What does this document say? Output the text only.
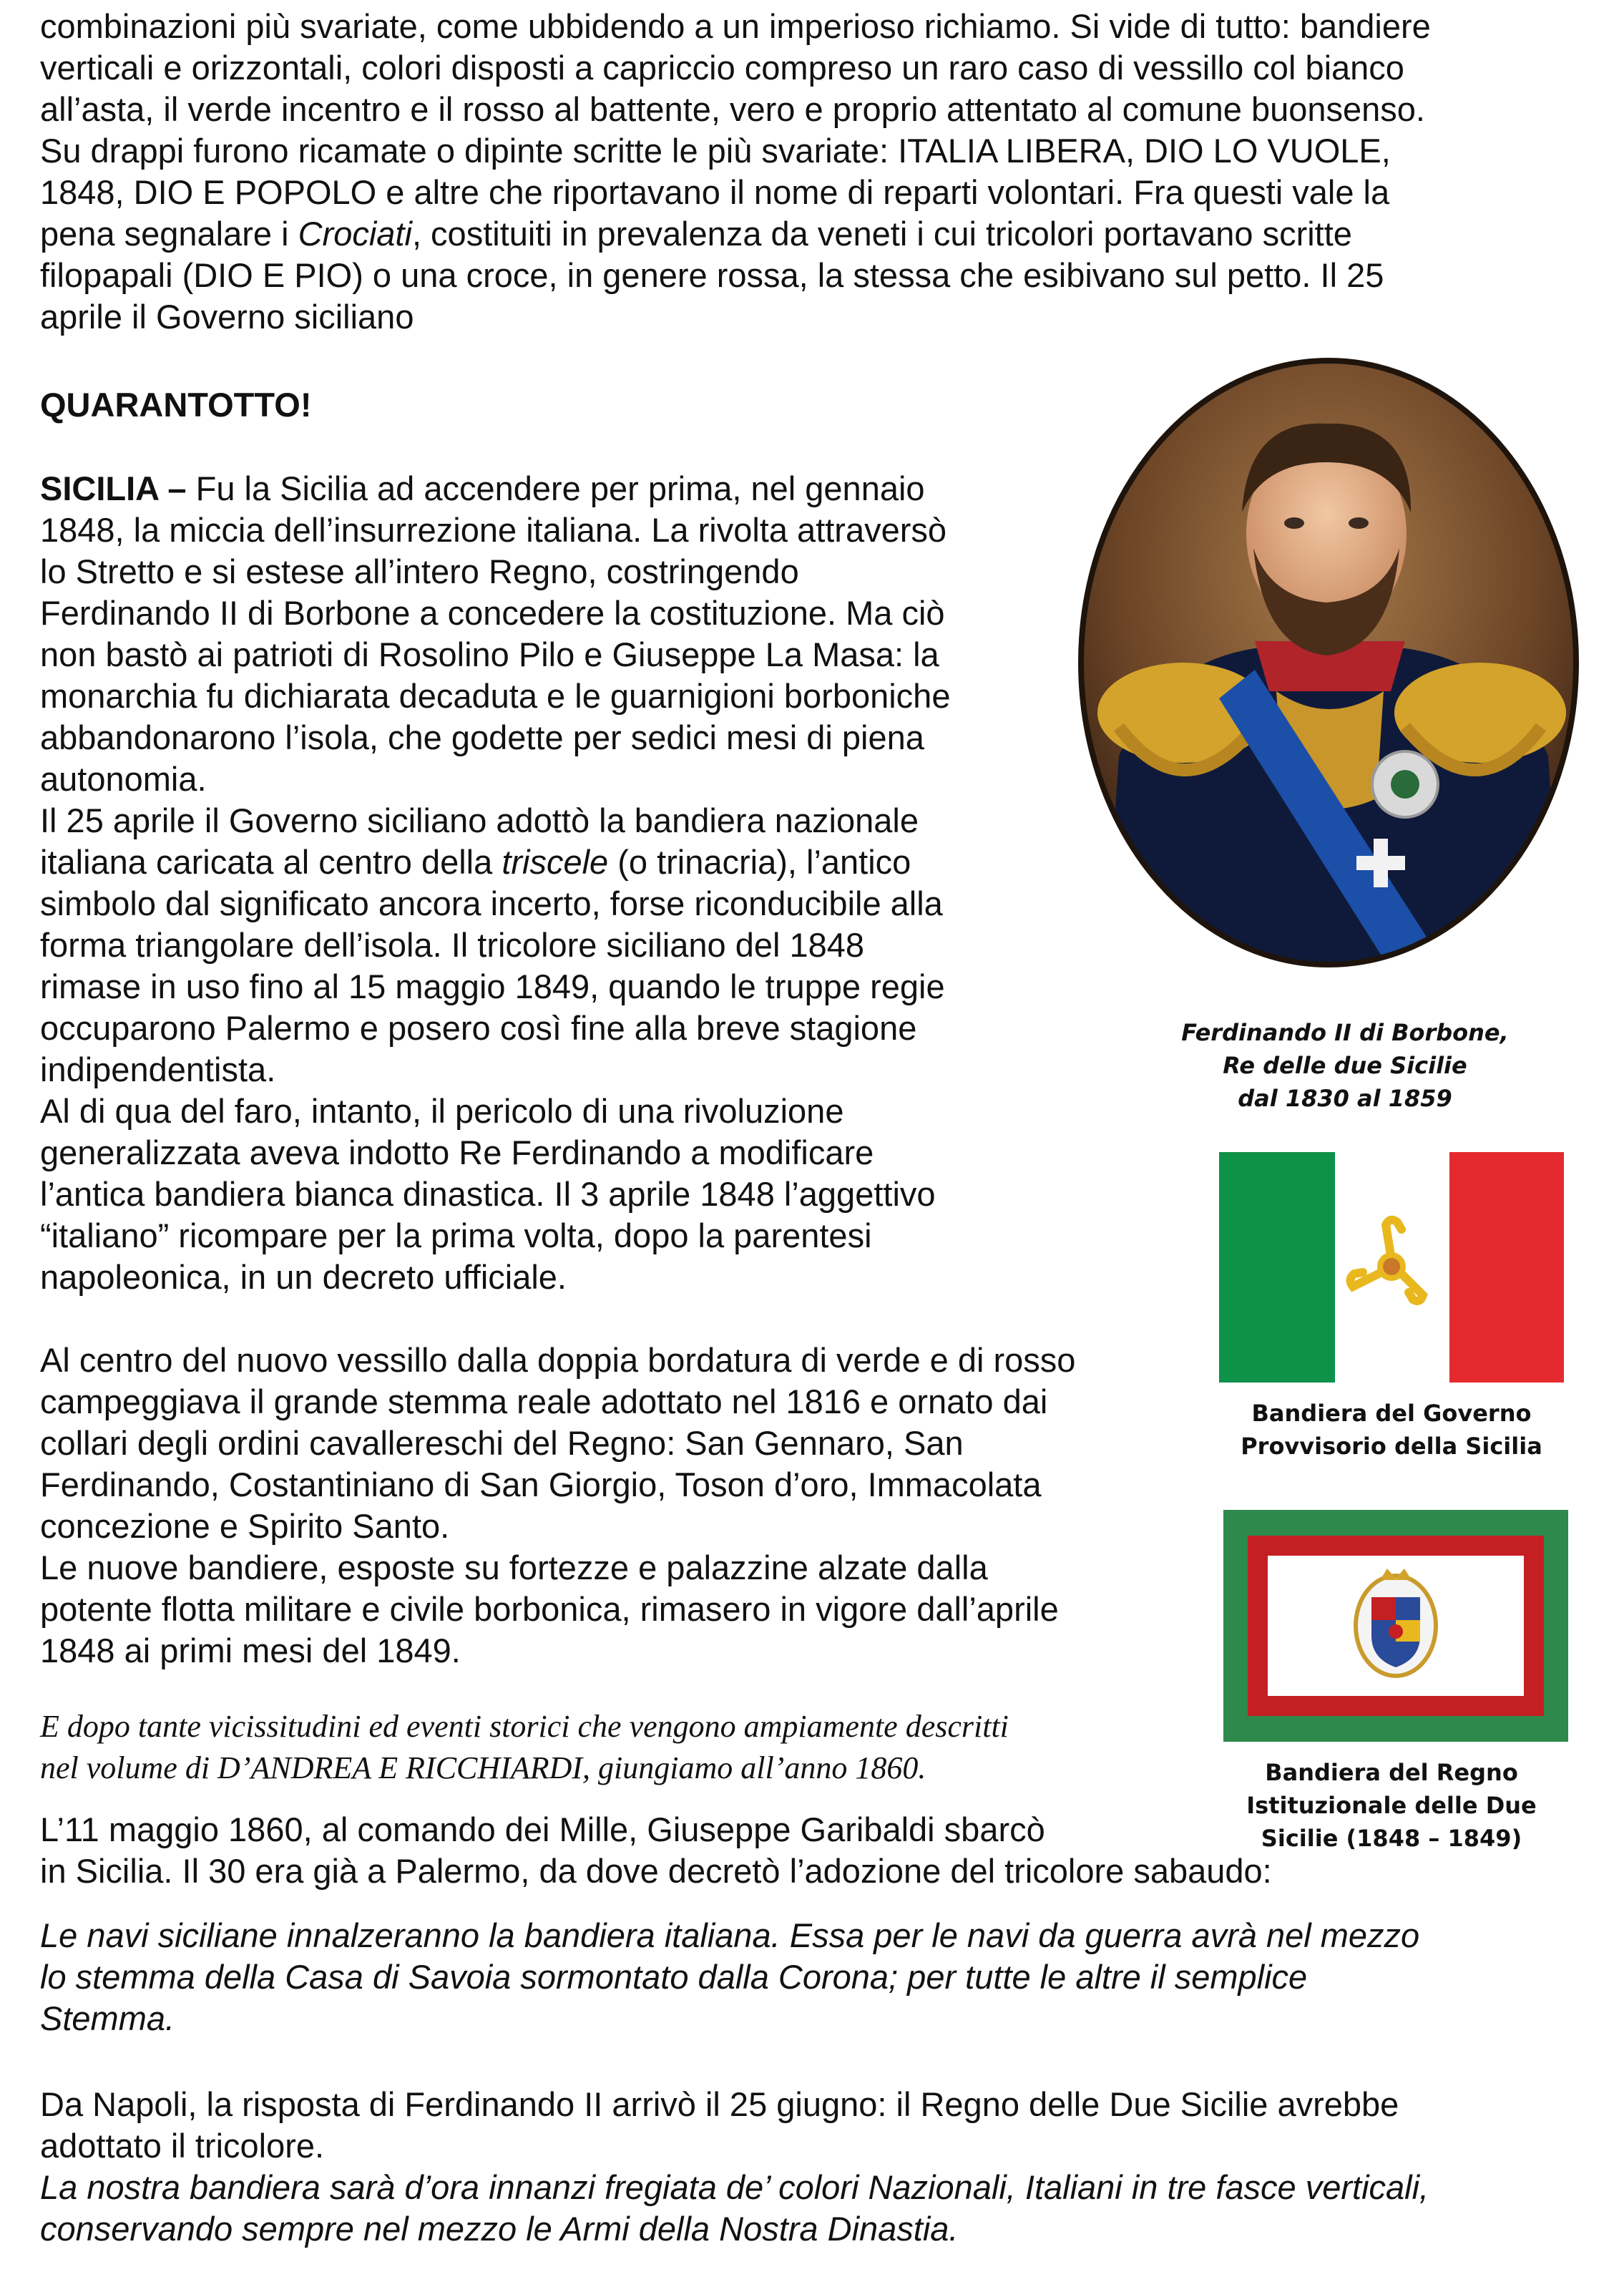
combinazioni più svariate, come ubbidendo a un imperioso richiamo. Si vide di tutto: bandiere
verticali e orizzontali, colori disposti a capriccio compreso un raro caso di vessillo col bianco
all’asta, il verde incentro e il rosso al battente, vero e proprio attentato al comune buonsenso.
Su drappi furono ricamate o dipinte scritte le più svariate: ITALIA LIBERA, DIO LO VUOLE,
1848, DIO E POPOLO e altre che riportavano il nome di reparti volontari. Fra questi vale la
pena segnalare i Crociati, costituiti in prevalenza da veneti i cui tricolori portavano scritte
filopapali (DIO E PIO) o una croce, in genere rossa, la stessa che esibivano sul petto. Il 25
aprile il Governo siciliano

QUARANTOTTO!

SICILIA – Fu la Sicilia ad accendere per prima, nel gennaio
1848, la miccia dell’insurrezione italiana. La rivolta attraversò
lo Stretto e si estese all’intero Regno, costringendo
Ferdinando II di Borbone a concedere la costituzione. Ma ciò
non bastò ai patrioti di Rosolino Pilo e Giuseppe La Masa: la
monarchia fu dichiarata decaduta e le guarnigioni borboniche
abbandonarono l’isola, che godette per sedici mesi di piena
autonomia.
Il 25 aprile il Governo siciliano adottò la bandiera nazionale
italiana caricata al centro della triscele (o trinacria), l’antico
simbolo dal significato ancora incerto, forse riconducibile alla
forma triangolare dell’isola. Il tricolore siciliano del 1848
rimase in uso fino al 15 maggio 1849, quando le truppe regie
occuparono Palermo e posero così fine alla breve stagione
indipendentista.
Al di qua del faro, intanto, il pericolo di una rivoluzione
generalizzata aveva indotto Re Ferdinando a modificare
l’antica bandiera bianca dinastica. Il 3 aprile 1848 l’aggettivo
“italiano” ricompare per la prima volta, dopo la parentesi
napoleonica, in un decreto ufficiale.
Al centro del nuovo vessillo dalla doppia bordatura di verde e di rosso
campeggiava il grande stemma reale adottato nel 1816 e ornato dai
collari degli ordini cavallereschi del Regno: San Gennaro, San
Ferdinando, Costantiniano di San Giorgio, Toson d’oro, Immacolata
concezione e Spirito Santo.
Le nuove bandiere, esposte su fortezze e palazzine alzate dalla
potente flotta militare e civile borbonica, rimasero in vigore dall’aprile
1848 ai primi mesi del 1849.
E dopo tante vicissitudini ed eventi storici che vengono ampiamente descritti
nel volume di D’ANDREA E RICCHIARDI, giungiamo all’anno 1860.
L’11 maggio 1860, al comando dei Mille, Giuseppe Garibaldi sbarcò
in Sicilia. Il 30 era già a Palermo, da dove decretò l’adozione del tricolore sabaudo:
Le navi siciliane innalzeranno la bandiera italiana. Essa per le navi da guerra avrà nel mezzo
lo stemma della Casa di Savoia sormontato dalla Corona; per tutte le altre il semplice
Stemma.
Da Napoli, la risposta di Ferdinando II arrivò il 25 giugno: il Regno delle Due Sicilie avrebbe
adottato il tricolore.
La nostra bandiera sarà d’ora innanzi fregiata de’ colori Nazionali, Italiani in tre fasce verticali,
conservando sempre nel mezzo le Armi della Nostra Dinastia.
Ferdinando II di Borbone,
Re delle due Sicilie
dal 1830 al 1859
Bandiera del Governo
Provvisorio della Sicilia
Bandiera del Regno
Istituzionale delle Due
Sicilie (1848 – 1849)
